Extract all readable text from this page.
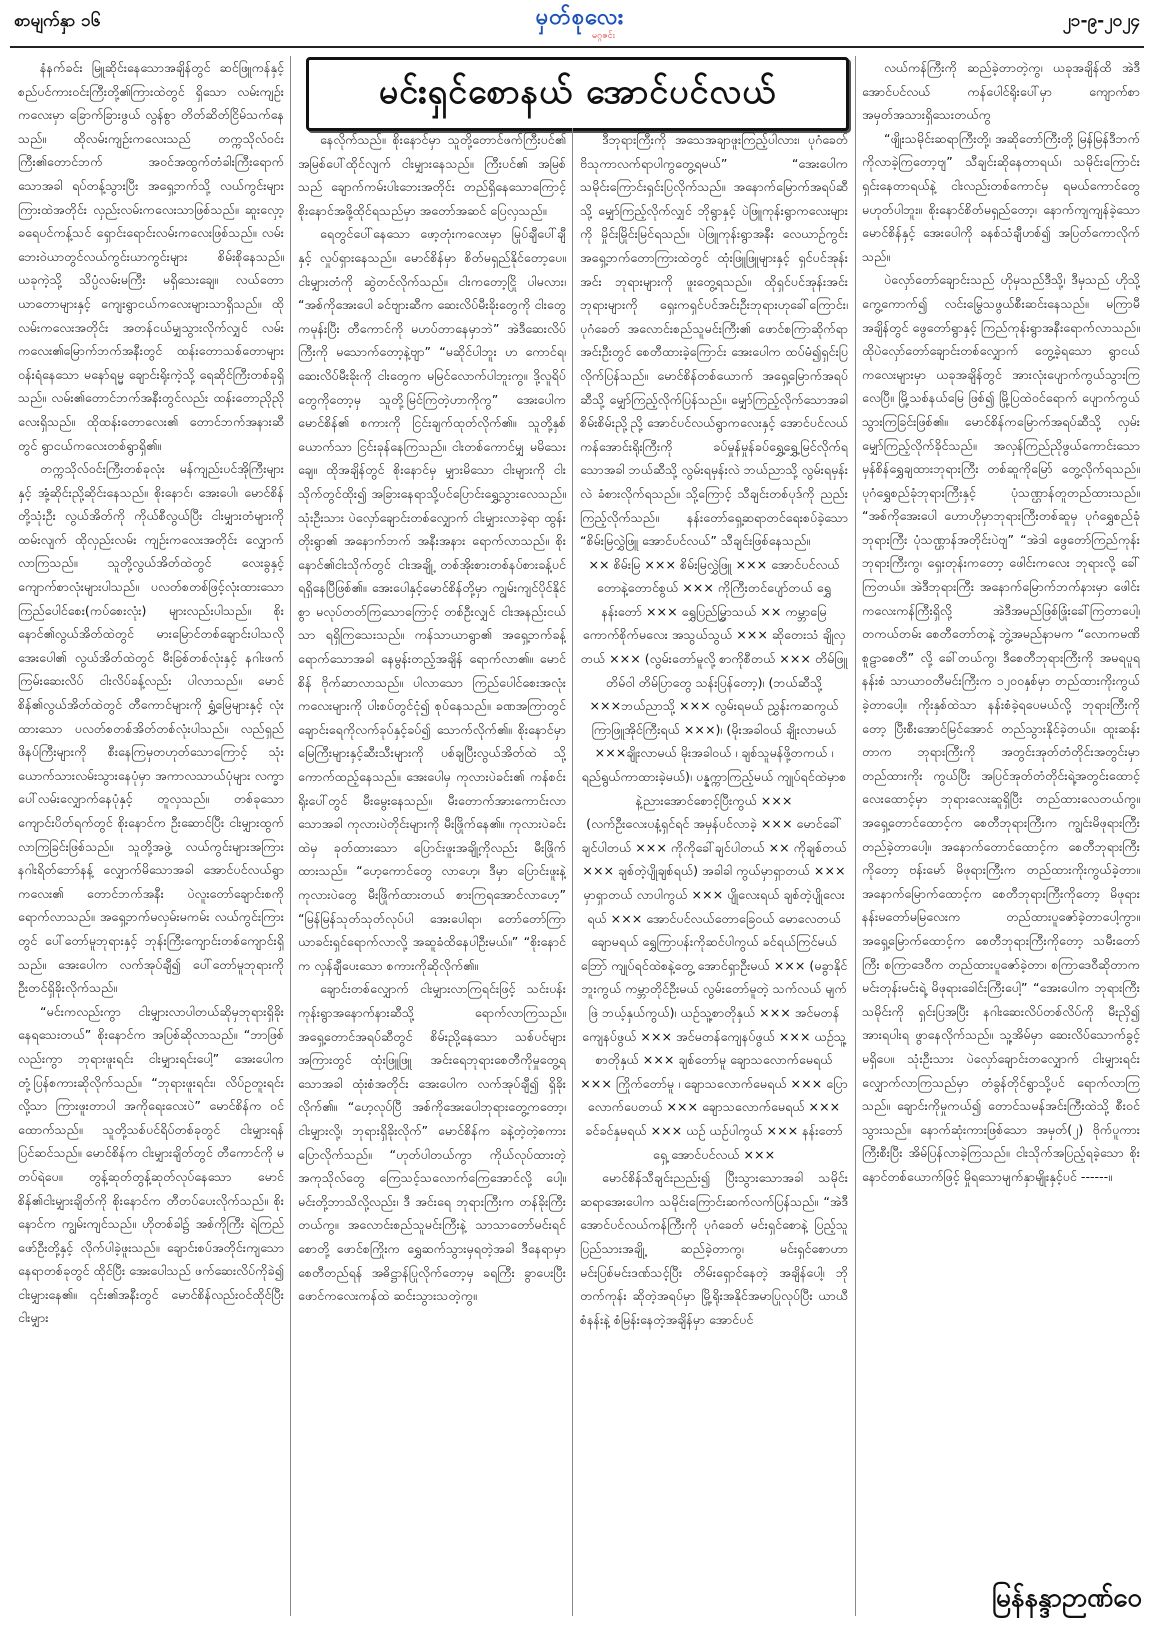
စာမျက်နှာ ၁၆	မှတ်စုလေး
မဂ္ဂဇင်း
၂၁-၉-၂၀၂၄
မင်းရှင်စောနယ် အောင်ပင်လယ်

နံနက်ခင်း မြူဆိုင်းနေသောအချိန်တွင် ဆင်ဖြူကန်နှင့် စည်ပင်ကားဝင်းကြီးတို့၏ကြားထဲတွင် ရှိသော လမ်းကျဉ်းကလေးမှာ ခြောက်ခြားဖွယ် လွန်စွာ တိတ်ဆိတ်ငြိမ်သက်နေသည်။ ထိုလမ်းကျဉ်းကလေးသည် တက္ကသိုလ်ဝင်းကြီး၏တောင်ဘက် အဝင်အထွက်တံခါးကြီးရောက်သောအခါ ရပ်တန့်သွားပြီး အရှေ့ဘက်သို့ လယ်ကွင်းများကြားထဲအတိုင်း လှည်းလမ်းကလေးသာဖြစ်သည်။ ဆူးလှော့ခရေပင်ကန့်သင် ရှောင်းရောင်းလမ်းကလေးဖြစ်သည်။ လမ်းဘေးဝဲယာတွင်လယ်ကွင်းယာကွင်းများ စိမ်းစိုနေသည်။ ယခုကဲ့သို့ သိပ္ပံလမ်းမကြီး မရှိသေးချေ။ လယ်တောယာတောများနှင့် ကျေးရွာငယ်ကလေးများသာရှိသည်။ ထိုလမ်းကလေးအတိုင်း အတန်ငယ်မျှသွားလိုက်လျှင် လမ်းကလေး၏မြောက်ဘက်အနီးတွင် ထန်းတောသစ်တောများ ဝန်းရံနေသော မနော်ရမ္မ ချောင်းရိုးကဲ့သို့ ရေဆိုင်ကြီးတစ်ခုရှိသည်။ လမ်း၏တောင်ဘက်အနီးတွင်လည်း ထန်းတောညိုညိုလေးရှိသည်။ ထိုထန်းတောလေး၏ တောင်ဘက်အနားဆီတွင် ရွာငယ်ကလေးတစ်ရွာရှိ၏။

တက္ကသိုလ်ဝင်းကြီးတစ်ခုလုံး မန်ကျည်းပင်အိုကြီးများနှင့် အုံ့ဆိုင်းညို့ဆိုင်းနေသည်။ စိုးနောင်၊ အေးပေါ၊ မောင်စိန်တို့သုံးဦး လွယ်အိတ်ကို ကိုယ်စီလွယ်ပြီး ငါးမျှားတံများကိုထမ်းလျက် ထိုလှည်းလမ်း ကျဉ်းကလေးအတိုင်း လျှောက်လာကြသည်။ သူတို့လွယ်အိတ်ထဲတွင် လေးခွနှင့် ကျောက်စာလုံးများပါသည်။ ပလတ်စတစ်ဖြင့်လုံးထားသောကြည်ပေါင်စေး(ကပ်စေးလုံး) များလည်းပါသည်။ စိုးနောင်၏လွယ်အိတ်ထဲတွင် မားမြောင်တစ်ချောင်းပါသလို အေးပေါ၏ လွယ်အိတ်ထဲတွင် မီးခြစ်တစ်လုံးနှင့် နဂါးဖက်ကြမ်းဆေးလိပ် ငါးလိပ်ခန့်လည်း ပါလာသည်။ မောင်စိန်၏လွယ်အိတ်ထဲတွင် တီကောင်များကို ရွှံ့မြေများနှင့် လုံးထားသော ပလတ်စတစ်အိတ်တစ်လုံးပါသည်။ လည်ရှည်ဖိနပ်ကြီးများကို စီးနေကြမှတဟုတ်သောကြောင့် သုံးယောက်သားလမ်းသွားနေပုံမှာ အကာလသာယ်ပုံများ လက္ခာပေါ်လမ်းလျှောက်နေပုံနှင့် တူလှသည်။ တစ်ခုသော ကျောင်းပိတ်ရက်တွင် စိုးနောင်က ဦးဆောင်ပြီး ငါးမျှားထွက်လာကြခြင်းဖြစ်သည်။ သူတို့အဖွဲ့ လယ်ကွင်းများအကြား နဂါးရိတ်ဘော်နန့် လျှောက်မိသောအခါ အောင်ပင်လယ်ရွာကလေး၏ တောင်ဘက်အနီး ပဲလူးတော်ချောင်းစကို ရောက်လာသည်။ အရှေ့ဘက်မလှမ်းမကမ်း လယ်ကွင်းကြားတွင် ပေါ်တော်မူဘုရားနှင့် ဘုန်းကြီးကျောင်းတစ်ကျောင်းရှိသည်။ အေးပေါက လက်အုပ်ချီ၍ ပေါ်တော်မူဘုရားကို ဦးတင်ရှိခိုးလိုက်သည်။

“မင်းကလည်းကွာ ငါးမျှားလာပါတယ်ဆိုမှဘုရားရှိခိုးနေရသေးတယ်” စိုးနောင်က အပြစ်ဆိုလာသည်။ “ဘာဖြစ်လည်းကွာ ဘုရားဖူးရင်း ငါးမျှားရင်းပေါ့” အေးပေါက တုံ့ပြန်စကားဆိုလိုက်သည်။ “ဘုရားဖူးရင်း၊ လိပ်ဥတူးရင်းလို့သာ ကြားဖူးတာပါ အကိုရေးလေးပဲ” မောင်စိန်က ဝင်ထောက်သည်။ သူတို့သစ်ပင်ရိပ်တစ်ခုတွင် ငါးမျှားရန် ပြင်ဆင်သည်။ မောင်စိန်က ငါးမျှားချိတ်တွင် တီကောင်ကို မတပ်ရဲပေ။ တွန့်ဆုတ်တွန့်ဆုတ်လုပ်နေသော မောင်စိန်၏ငါးမျှားချိတ်ကို စိုးနောင်က တီတပ်ပေးလိုက်သည်။ စိုးနောင်က ကျွမ်းကျင်သည်။ ဟိုတစ်ခါ၌ အစ်ကိုကြီး ရဲကြည်ဖော်ဦးတို့နှင့် လိုက်ပါခဲ့ဖူးသည်။ ချောင်းစပ်အတိုင်းကျသောနေရာတစ်ခုတွင် ထိုင်ပြီး အေးပေါသည် ဖက်ဆေးလိပ်ကိုခဲ၍ ငါးမျှားနေ၏။ ၎င်း၏အနီးတွင် မောင်စိန်လည်းဝင်ထိုင်ပြီး ငါးမျှား

နေလိုက်သည်။ စိုးနောင်မှာ သူတို့တောင်ဖက်ကြီးပင်၏ အမြစ်ပေါ်ထိုင်လျက် ငါးမျှားနေသည်။ ကြီးပင်၏ အမြစ်သည် ချောက်ကမ်းပါးဘေးအတိုင်း တည်ရှိနေသောကြောင့် စိုးနောင်အဖို့ထိုင်ရသည်မှာ အတော်အဆင် ပြေလှသည်။

ရေတွင်ပေါ်နေသော ဖော့တုံးကလေးမှာ မြုပ်ချီပေါ်ချီနှင့် လှုပ်ရှားနေသည်။ မောင်စိန်မှာ စိတ်မရှည်နိုင်တော့ပေ။ ငါးမျှားတံကို ဆွဲတင်လိုက်သည်။ ငါးကတော့ငြို ပါမလား၊ “အစ်ကိုအေးပေါ ခင်ဗျားဆီက ဆေးလိပ်မီးခိုးတွေကို ငါးတွေကမုန်းပြီး တီကောင်ကို မဟပ်တာနေမှာဘဲ” အဲဒီဆေးလိပ်ကြီးကို မသောက်တော့နဲ့ဗျာ” “မဆိုင်ပါဘူး ဟ ကောင်ရ၊ ဆေးလိပ်မီးခိုးကို ငါးတွေက မမြင်လောက်ပါဘူးကွ။ ဒို့လူရိပ်တွေကိုတော့မှ သူတို့မြင်ကြတဲ့ဟာကိုကွ” အေးပေါက မောင်စိန်၏ စကားကို ငြင်းချက်ထုတ်လိုက်၏။ သူတို့နှစ်ယောက်သာ ငြင်းခုန်နေကြသည်။ ငါးတစ်ကောင်မျှ မမိသေးချေ။ ထိုအချိန်တွင် စိုးနောင်မှ မျှားမိသော ငါးများကို ငါးသိုက်တွင်ထိုး၍ အခြားနေရာသို့ပင်ပြောင်းရွှေ့သွားလေသည်။ သုံးဦးသား ပဲလှော်ချောင်းတစ်လျှောက် ငါးမျှားလာခဲ့ရာ ထွန်းတိုးရွာ၏ အနောက်ဘက် အနီးအနား ရောက်လာသည်။ စိုးနောင်၏ငါးသိုက်တွင် ငါးအချို့ တစ်အိုးစားတစ်နပ်စားခန့်ပင် ရရှိနေပြီဖြစ်၏။ အေးပေါနှင့်မောင်စိန်တို့မှာ ကျွမ်းကျင်ပိုင်နိုင်စွာ မလုပ်တတ်ကြသောကြောင့် တစ်ဦးလျှင် ငါးအနည်းငယ်သာ ရရှိကြသေးသည်။ ကန်သာယာရွာ၏ အရှေ့ဘက်ခန့်ရောက်သောအခါ နေမွန်းတည့်အချိန် ရောက်လာ၏။ မောင်စိန် ဗိုက်ဆာလာသည်။ ပါလာသော ကြည်ပေါင်စေးအလုံးကလေးများကို ပါးစပ်တွင်ငုံ၍ စုပ်နေသည်။ ခဏအကြာတွင် ချောင်းရေကိုလက်ခုပ်နှင့်ခပ်၍ သောက်လိုက်၏။ စိုးနောင်မှာ မြေကြီးများနှင့်ဆီးသီးများကို ပစ်ချပြီးလွယ်အိတ်ထဲ သို့ကောက်ထည့်နေသည်။ အေးပေါမှ ကုလားပဲခင်း၏ ကန်စင်းရိုးပေါ်တွင် မီးမွေးနေသည်။ မီးတောက်အားကောင်းလာသောအခါ ကုလားပဲတိုင်းများကို မီးဖြိုက်နေ၏။ ကုလားပဲခင်းထဲမှ ခုတ်ထားသော ပြောင်းဖူးအချို့ကိုလည်း မီးဖြိုက်ထားသည်။ “ဟေ့ကောင်တွေ လာဟေ့၊ ဒီမှာ ပြောင်းဖူးနဲ့ကုလားပဲတွေ မီးဖြိုက်ထားတယ် စားကြရအောင်လာဟေ့” “မြန်မြန်သုတ်သုတ်လုပ်ပါ အေးပေါရာ၊ တော်တော်ကြာ ယာခင်းရှင်ရောက်လာလို့ အဆူခံထိနေပါဦးမယ်။” “စိုးနောင်က လှန်ချီပေးသော စကားကိုဆိုလိုက်၏။

ချောင်းတစ်လျှောက် ငါးမျှားလာကြရင်းဖြင့် သင်းပန်းကုန်းရွာအနောက်နားဆီသို့ ရောက်လာကြသည်။ အရှေ့တောင်အရပ်ဆီတွင် စိမ်းညို့နေသော သစ်ပင်များအကြားတွင် ထုံးဖြူဖြူ အင်းရေဘုရားစေတီကိုမှုတွေ့ရသောအခါ ထုံးစံအတိုင်း အေးပေါက လက်အုပ်ချီ၍ ရှိခိုးလိုက်၏။ “ဟေ့လုပ်ပြီ အစ်ကိုအေးပေါဘုရားတွေ့ကတော့၊ ငါးမျှားလို့၊ ဘုရားရှိခိုးလိုက်” မောင်စိန်က ခနဲ့တဲ့တဲ့စကား ပြောလိုက်သည်။ “ဟုတ်ပါတယ်ကွာ ကိုယ်လုပ်ထားတဲ့ အကုသိုလ်တွေ ကြေသင့်သလောက်ကြေအောင်လို့ ပေါ့။ မင်းတို့ဘာသိလို့လည်း၊ ဒီ အင်းရေ ဘုရားကြီးက တန်ခိုးကြီးတယ်ကွ။ အလောင်းစည်သူမင်းကြီးနဲ့ သာသာတော်မင်းရင်စောတို့ ဖောင်စကြိုးက ရွှေဆက်သွားမှရတဲ့အခါ ဒီနေရာမှာ စေတီတည်ရန် အဓိဋ္ဌာန်ပြုလိုက်တော့မှ ခရကြီး ခွာပေးပြီး ဖောင်ကလေးကန်ထဲ ဆင်းသွားသတဲ့ကွ။

ဒီဘုရားကြီးကို အသေအချာဖူးကြည့်ပါလား၊ ပုဂံခေတ်ဗိသုကာလက်ရာပါကွတွေ့ရမယ်” “အေးပေါက သမိုင်းကြောင်းရှင်းပြလိုက်သည်။ အနောက်မြောက်အရပ်ဆီသို့ မျှော်ကြည့်လိုက်လျှင် ဘိုရွာနှင့် ပဲဖြူကုန်းရွာကလေးများကို မှိုင်းမြိုင်းမြင်ရသည်။ ပဲဖြူကုန်းရွာအနီး လေယာဉ်ကွင်းအရှေ့ဘက်တောကြားထဲတွင် ထုံးဖြူဖြူများနှင့် ရှင်ပင်အုန်းအင်း ဘုရားများကို ဖူးတွေ့ရသည်။ ထိုရှင်ပင်အုန်းအင်း ဘုရားများကို ရှေးကရှင်ပင်အင်းဦးဘုရားဟုခေါ်ကြောင်း၊ ပုဂံခေတ် အလောင်းစည်သူမင်းကြီး၏ ဖောင်စကြာဆိုက်ရာအင်းဦးတွင် စေတီထားခဲ့ကြောင်း အေးပေါက ထပ်မံ၍ရှင်းပြလိုက်ပြန်သည်။ မောင်စိန်တစ်ယောက် အရှေ့မြောက်အရပ်ဆီသို့ မျှော်ကြည့်လိုက်ပြန်သည်။ မျှော်ကြည့်လိုက်သောအခါ စိမ်းစိမ်းညို့ညို့ အောင်ပင်လယ်ရွာကလေးနှင့် အောင်ပင်လယ်ကန်အောင်းရိုးကြီးကို ခပ်မှုန်မှုန်ခပ်ရွှေ့ရွှေ့မြင်လိုက်ရသောအခါ ဘယ်ဆီသို့ လွမ်းရမှန်းလဲ ဘယ်ညာသို့ လွမ်းရမှန်းလဲ ခံစားလိုက်ရသည်။ သို့ကြောင့် သီချင်းတစ်ပုဒ်ကို ညည်းကြည့်လိုက်သည်။ နန်းတော်ရှေ့ဆရာတင်ရေးစပ်ခဲ့သော “စိမ်းမြလွှဲဖြူ အောင်ပင်လယ်” သီချင်းဖြစ်နေသည်။

×× စိမ်းမြ ××× စိမ်းမြလွှဲဖြူ ××× အောင်ပင်လယ်တောနဲ့တောင်စွယ် ××× ကိုကြီးတင်ပျော်တယ် ရွှေနန်းတော် ××× ရွှေပြည်မြွှာသယ် ×× ကမ္ဘာမြေ ကောက်စိုက်မလေး အသွယ်သွယ် ××× ဆိုတေးသံ ချိုလှတယ် ××× (လွမ်းတော်မူလို့ စာကိုစီတယ် ××× တိမ်ဖြူတိမ်ဝါ တိမ်ပြာတွေ သန်းပြန်တော့)၊ (ဘယ်ဆီသို့ ×××ဘယ်ညာသို့ ××× လွမ်းရမယ် ညွှန်းကဆကွယ် ကြာဖြူအိုင်ကြီးရယ် ×××)၊ (မိုးအခါဝယ် ချိုးလာမယ် ×××ချိုးလာမယ် မိုးအခါဝယ် ၊ ချစ်သူမန်ဖို့တကယ် ၊ ရည်ရွယ်ကာထားခဲ့မယ်)၊ ပန္နက္ကာကြည့်မယ် ကျုပ်ရင်ထဲမှာစနဲ့ညားအောင်စောင့်ပြီးကွယ် ×××

(လက်ဦးလေးပနံ့ရှင်ရင် အမှန်ပင်လာခဲ့ ××× မောင်ခေါ်ချင်ပါတယ် ××× ကိုကိုခေါ်ချင်ပါတယ် ×× ကိုချစ်တယ် ××× ချစ်တဲ့ပျိုချစ်ရယ်) အခါခါ ကွယ်မှာရှာတယ် ××× မှာရှာတယ် လာပါကွယ် ××× ပျိုလေးရယ် ချစ်တဲ့ပျိုလေးရယ် ××× အောင်ပင်လယ်တောခြေဝယ် မောလေတယ်ချောမရယ် ရွှေကြာပန်းကိုဆင်ပါကွယ် ခင်ရယ်ကြင်မယ် ဘြော် ကျုပ်ရင်ထဲစနဲ့တွေ့ အောင်ရှာဦးမယ် ××× (မခွာနိုင်ဘူးကွယ် ကမ္ဘာတိုင်ဦးမယ် လွမ်းတော်မူတဲ့ သက်လယ် မျက်ဖြဲ ဘယ့်နှယ်ကွယ်)၊ ယဉ်သူ့စာတိုနှယ် ××× အင်မတန်ကျေနပ်ဖွယ် ××× အင်မတန်ကျေနပ်ဖွယ် ××× ယဉ်သူ့စာတိုနှယ် ××× ချစ်တော်မူ ချောသလောက်မေရယ် ××× ကြိုက်တော်မူ ၊ ချောသလောက်မေရယ် ××× ပြောလောက်ပေတယ် ××× ချောသလောက်မေရယ် ××× ခင်ခင်နှမရယ် ××× ယဉ် ယဉ်ပါကွယ် ××× နန်းတော်ရှေ့ အောင်ပင်လယ် ×××

မောင်စိန်သီချင်းညည်း၍ ပြီးသွားသောအခါ သမိုင်းဆရာအေးပေါက သမိုင်းကြောင်းဆက်လက်ပြန်သည်။ “အဲဒီ အောင်ပင်လယ်ကန်ကြီးကို ပုဂံခေတ် မင်းရှင်စောနဲ့ ပြည့်သူပြည်သားအချို့ ဆည်ခဲ့တာကွ၊ မင်းရှင်စောဟာ မင်းပြစ်မင်းဒဏ်သင့်ပြီး တိမ်းရှောင်နေတဲ့ အချိန်ပေါ့၊ ဘိုတက်ကုန်း ဆိုတဲ့အရပ်မှာ မြို့ရိုးအနိုင်အမာပြုလုပ်ပြီး ယာယီစံနန်းနဲ့ စံမြန်းနေတဲ့အချိန်မှာ အောင်ပင်

လယ်ကန်ကြီးကို ဆည်ခဲ့တာတဲ့ကွ၊ ယခုအချိန်ထိ အဲဒီအောင်ပင်လယ် ကန်ပေါင်ရိုးပေါ်မှာ ကျောက်စာ အမှတ်အသားရှိသေးတယ်ကွ

“ဖျိုးသမိုင်းဆရာကြီးတို့၊ အဆိုတော်ကြီးတို့ မြန်မြန်ဒီဘက်ကိုလာခဲ့ကြတော့ဗျ” သီချင်းဆိုနေတာရယ်၊ သမိုင်းကြောင်းရှင်းနေတာရယ်နဲ့ ငါးလည်းတစ်ကောင်မှ ရမယ်ကောင်တွေ မဟုတ်ပါဘူး။ စိုးနောင်စိတ်မရှည်တော့၊ နောက်ကျကျန်ခဲ့သော မောင်စိန်နှင့် အေးပေါကို ခနစ်သံချီဟစ်၍ အပြတ်ကောလိုက်သည်။

ပဲလှော်တော်ချောင်းသည် ဟိုမှသည်ဒီသို့၊ ဒီမှသည် ဟိုသို့ကွေ့ကောက်၍ လင်းမြွေသဖွယ်စီးဆင်းနေသည်။ မကြာမီအချိန်တွင် ဖွေတော်ရွာနှင့် ကြည်ကုန်းရွာအနီးရောက်လာသည်။ ထိုပဲလှော်တော်ချောင်းတစ်လျှောက် တွေ့ခဲ့ရသော ရွာငယ်ကလေးများမှာ ယခုအချိန်တွင် အားလုံးပျောက်ကွယ်သွားကြလေပြီ။ မြို့သစ်နယ်မြေ ဖြစ်၍ မြို့ပြထဲဝင်ရောက် ပျောက်ကွယ်သွားကြခြင်းဖြစ်၏။ မောင်စိန်ကမြောက်အရပ်ဆီသို့ လှမ်းမျှော်ကြည့်လိုက်ခိုင်သည်။ အလှန်ကြည်ညိုဖွယ်ကောင်းသော မှန်စိန်ရွှေချထားဘုရားကြီး တစ်ဆူကိုမြော် တွေ့လိုက်ရသည်။ ပုဂံရွှေစည်ခုံဘုရားကြီးနှင့် ပုံသဏ္ဌာန်တူတည်ထားသည်။ “အစ်ကိုအေးပေါ ဟောဟိုမှာဘုရားကြီးတစ်ဆူမှ ပုဂံရွှေစည်ခုံဘုရားကြီး ပုံသဏ္ဌာန်အတိုင်းပဲဗျ” “အဲဒါ ဖွေတော်ကြည်ကုန်း ဘုရားကြီးကွ၊ ရှေးတုန်းကတော့ ဖေါင်းကလေး ဘုရားလို့ ခေါ်ကြတယ်။ အဲဒီဘုရားကြီး အနောက်မြောက်ဘက်နားမှာ ဖေါင်းကလေးကန်ကြီးရှိလို့ အဲဒီအမည်ဖြစ်ဖြုံးခေါ်ကြတာပေါ့၊ တကယ်တမ်း စေတီတော်တနဲ့ ဘွဲ့အမည်နာမက “လောကမဏိစူဠာစေတီ” လို့ ခေါ်တယ်ကွ၊ ဒီစေတီဘုရားကြီးကို အမရပူရနန်းစံ သာယာဝတီမင်းကြီးက ၁၂၀၀နှစ်မှာ တည်ထားကိုးကွယ်ခဲ့တာပေါ့။ ကိုးနှစ်ထဲသာ နန်းစံခဲ့ရပေမယ်လို့ ဘုရားကြီးကိုတော့ ပြီးစီးအောင်မြင်အောင် တည်သွားနိုင်ခဲ့တယ်။ ထူးဆန်းတာက ဘုရားကြီးကို အတွင်းအုတ်တံတိုင်းအတွင်းမှာ တည်ထားကိုး ကွယ်ပြီး အပြင်အုတ်တံတိုင်းရဲ့အတွင်းထောင့် လေးထောင့်မှာ ဘုရားလေးဆူရှိပြီး တည်ထားလေတယ်ကွ။ အရှေ့တောင်ထောင့်က စေတီဘုရားကြီးက ကျွင်းမိဖုရားကြီး တည်ခဲ့တာပေါ့။ အနောက်တောင်ထောင့်က စေတီဘုရားကြီးကိုတော့ ဗန်းမော် မိဖုရားကြီးက တည်ထားကိုးကွယ်ခဲ့တာ။ အနောက်မြောက်ထောင့်က စေတီဘုရားကြီးကိုတော့ မိဖုရားနန်းမတော်မမြလေးက တည်ထားပူဇော်ခဲ့တာပေါ့ကွာ။ အရှေ့မြောက်ထောင့်က စေတီဘုရားကြီးကိုတော့ သမီးတော်ကြီး စကြာဒေဝီက တည်ထားပူဇော်ခဲ့တာ၊ စကြာဒေဝီဆိုတာက မင်းတုန်းမင်းရဲ့ မိဖုရားခေါင်းကြီးပေါ့” “အေးပေါက ဘုရားကြီးသမိုင်းကို ရှင်းပြအပြီး နဂါးဆေးလိပ်တစ်လိပ်ကို မီးညှိ၍ အားရပါးရ ဖွာနေလိုက်သည်။ သူ့အိမ်မှာ ဆေးလိပ်သောက်ခွင့်မရှိပေ။ သုံးဦးသား ပဲလှော်ချောင်းတလျှောက် ငါးမျှားရင်း လျှောက်လာကြသည်မှာ တံခွန်တိုင်ရွာသို့ပင် ရောက်လာကြသည်။ ချောင်းကိုမှုကယ်၍ တောင်သမန်အင်းကြီးထဲသို့ စီးဝင်သွားသည်။ နောက်ဆုံးကားဖြစ်သော အမှတ်(၂) ဗိုက်ပူကားကြီးစီးပြီး အိမ်ပြန်လာခဲ့ကြသည်။ ငါးသိုက်အပြည့်ရခဲ့သော စိုးနောင်တစ်ယောက်ဖြင့် မှိုရသောမျက်နှာမျိုးနှင့်ပင် ------။

မြန်နန္ဒာဉာဏ်ဝေ
